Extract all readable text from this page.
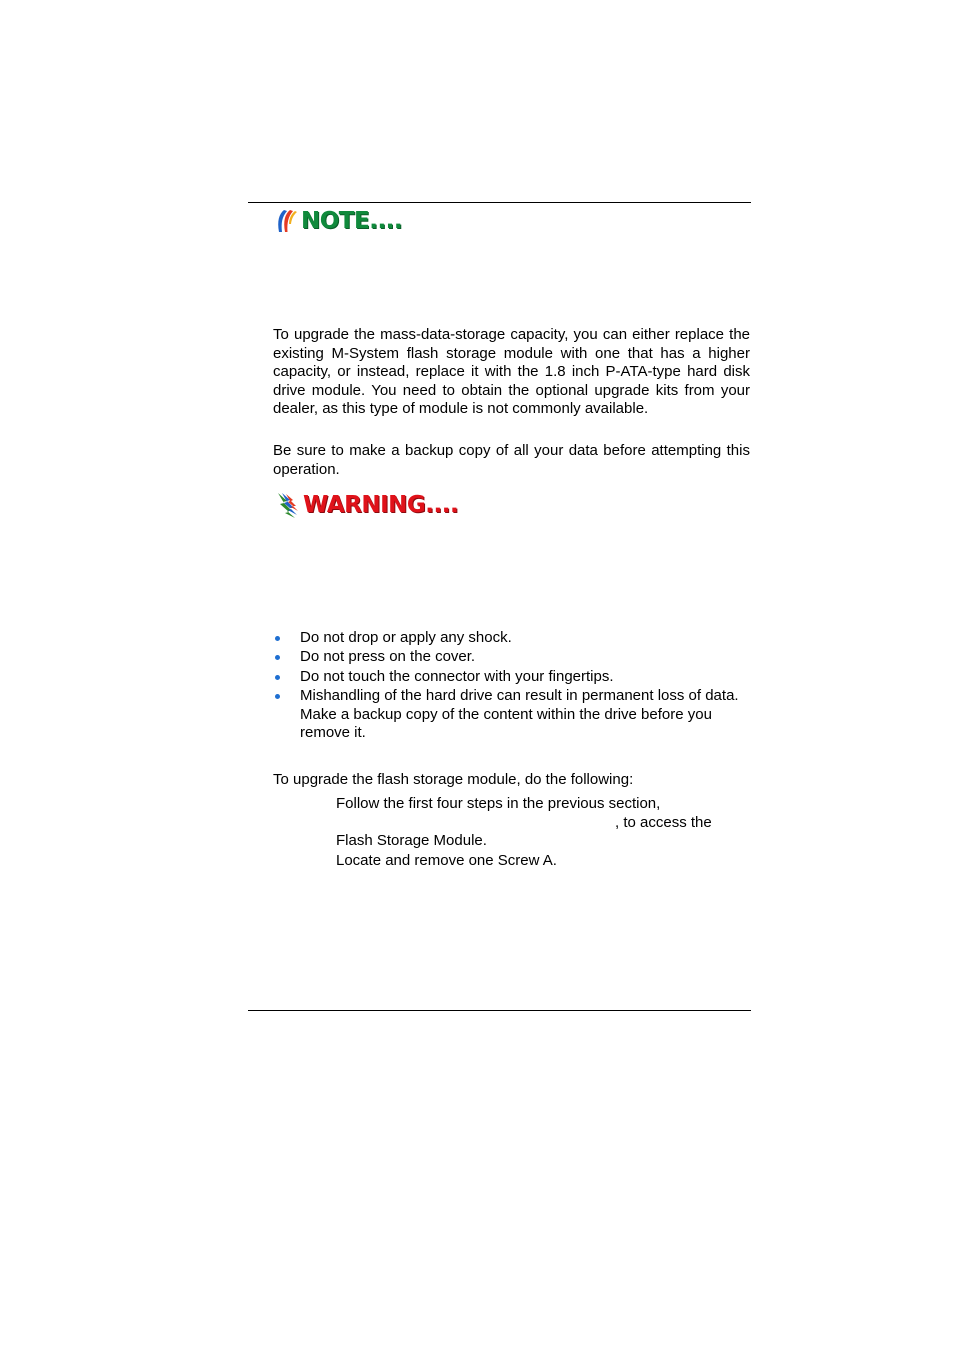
NOTE....

To upgrade the mass-data-storage capacity, you can either replace the existing M-System flash storage module with one that has a higher capacity, or instead, replace it with the 1.8 inch P-ATA-type hard disk drive module. You need to obtain the optional upgrade kits from your dealer, as this type of module is not commonly available.

Be sure to make a backup copy of all your data before attempting this operation.

WARNING....
Do not drop or apply any shock.
Do not press on the cover.
Do not touch the connector with your fingertips.
Mishandling of the hard drive can result in permanent loss of data. Make a backup copy of the content within the drive before you remove it.

To upgrade the flash storage module, do the following:

Follow the first four steps in the previous section,
, to access the
Flash Storage Module.
Locate and remove one Screw A.
